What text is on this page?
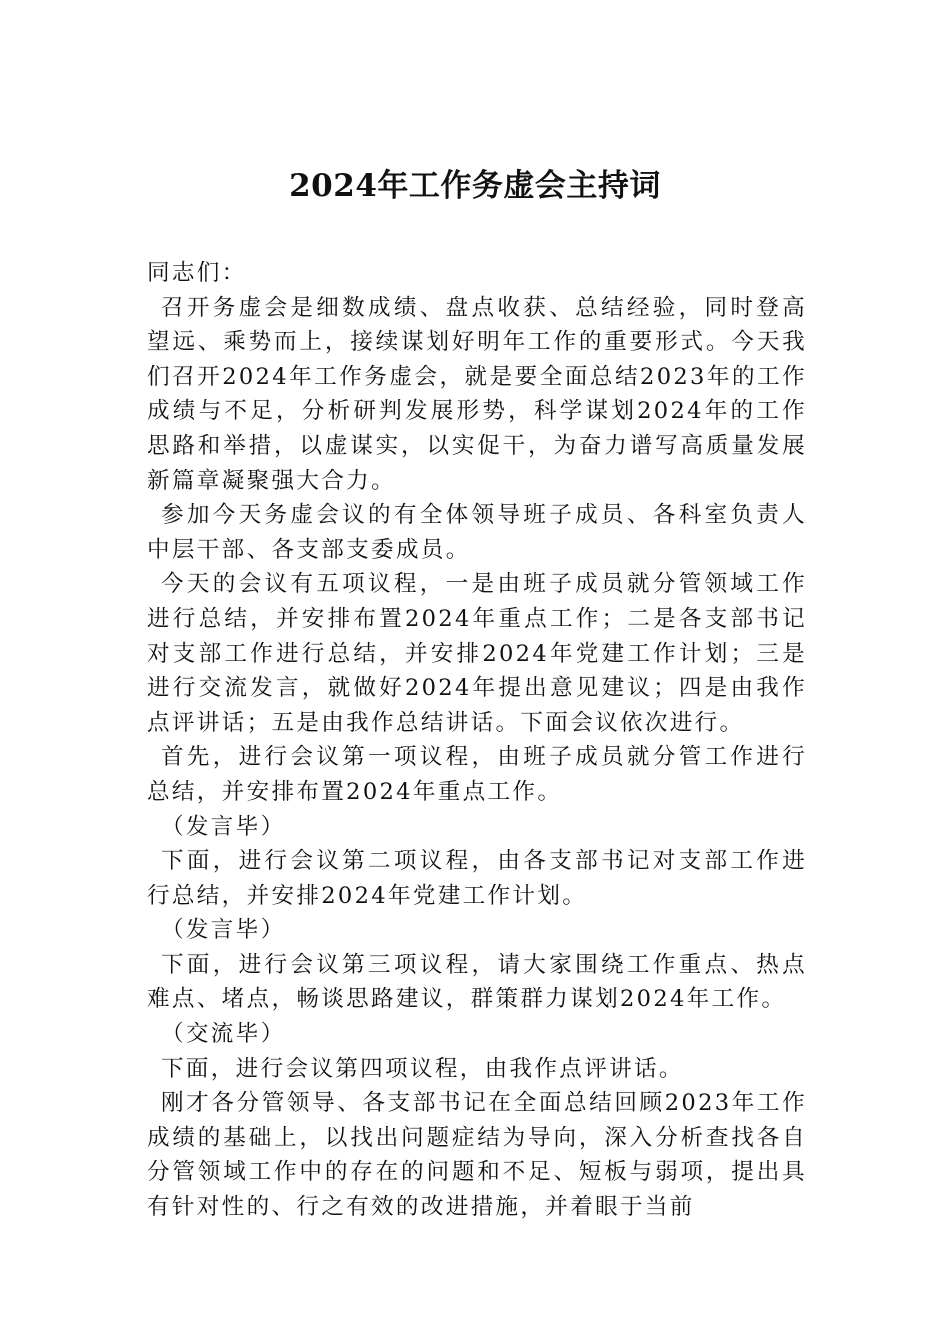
2024年工作务虚会主持词

同志们：

召开务虚会是细数成绩、盘点收获、总结经验，同时登高望远、乘势而上，接续谋划好明年工作的重要形式。今天我们召开2024年工作务虚会，就是要全面总结2023年的工作成绩与不足，分析研判发展形势，科学谋划2024年的工作思路和举措，以虚谋实，以实促干，为奋力谱写高质量发展新篇章凝聚强大合力。

参加今天务虚会议的有全体领导班子成员、各科室负责人中层干部、各支部支委成员。

今天的会议有五项议程，一是由班子成员就分管领域工作进行总结，并安排布置2024年重点工作；二是各支部书记对支部工作进行总结，并安排2024年党建工作计划；三是进行交流发言，就做好2024年提出意见建议；四是由我作点评讲话；五是由我作总结讲话。下面会议依次进行。

首先，进行会议第一项议程，由班子成员就分管工作进行总结，并安排布置2024年重点工作。

（发言毕）

下面，进行会议第二项议程，由各支部书记对支部工作进行总结，并安排2024年党建工作计划。

（发言毕）

下面，进行会议第三项议程，请大家围绕工作重点、热点难点、堵点，畅谈思路建议，群策群力谋划2024年工作。

（交流毕）

下面，进行会议第四项议程，由我作点评讲话。

刚才各分管领导、各支部书记在全面总结回顾2023年工作成绩的基础上，以找出问题症结为导向，深入分析查找各自分管领域工作中的存在的问题和不足、短板与弱项，提出具有针对性的、行之有效的改进措施，并着眼于当前
